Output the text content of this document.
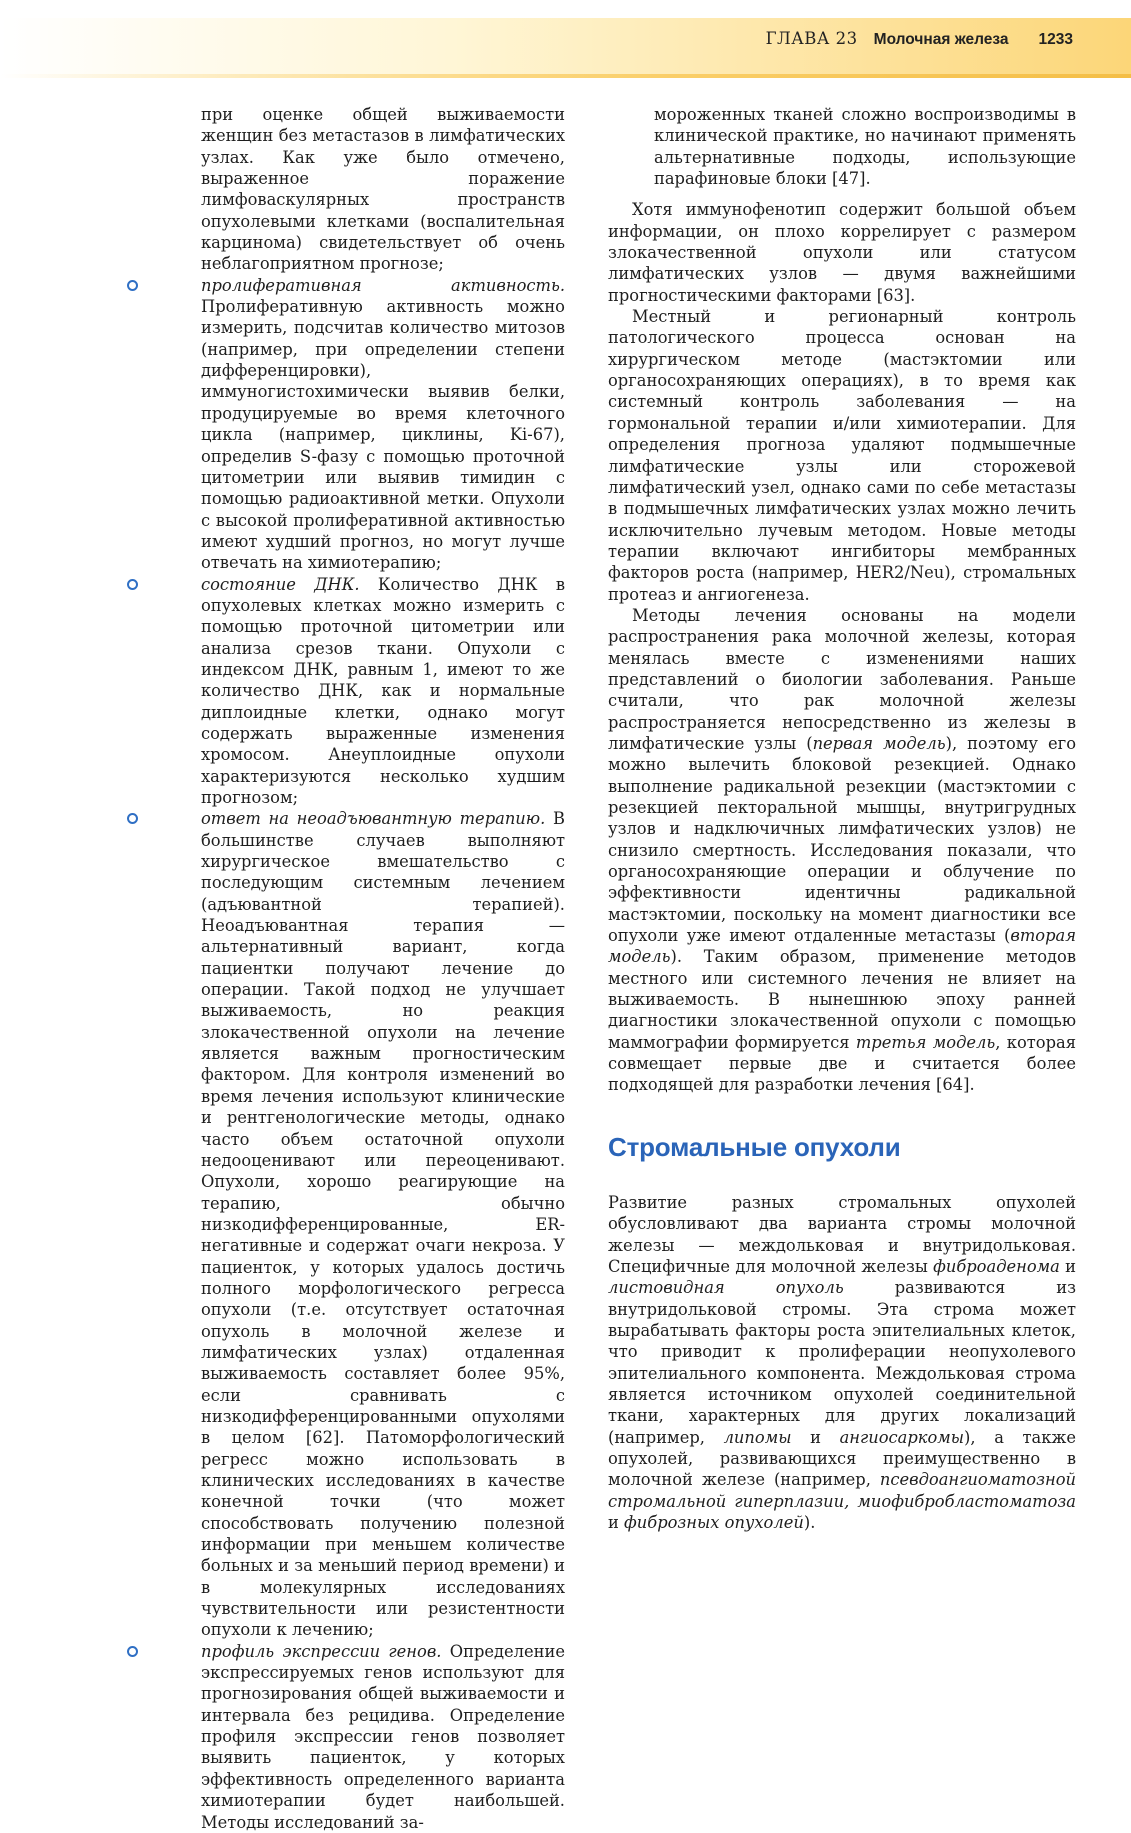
ГЛАВА 23 Молочная железа 1233

при оценке общей выживаемости женщин без метастазов в лимфатических узлах. Как уже было отмечено, выраженное поражение лимфоваскулярных пространств опухолевыми клетками (воспалительная карцинома) свидетельствует об очень неблагоприятном прогнозе;

пролиферативная активность. Пролиферативную активность можно измерить, подсчитав количество митозов (например, при определении степени дифференцировки), иммуногистохимически выявив белки, продуцируемые во время клеточного цикла (например, циклины, Ki-67), определив S-фазу с помощью проточной цитометрии или выявив тимидин с помощью радиоактивной метки. Опухоли с высокой пролиферативной активностью имеют худший прогноз, но могут лучше отвечать на химиотерапию;

состояние ДНК. Количество ДНК в опухолевых клетках можно измерить с помощью проточной цитометрии или анализа срезов ткани. Опухоли с индексом ДНК, равным 1, имеют то же количество ДНК, как и нормальные диплоидные клетки, однако могут содержать выраженные изменения хромосом. Анеуплоидные опухоли характеризуются несколько худшим прогнозом;

ответ на неоадъювантную терапию. В большинстве случаев выполняют хирургическое вмешательство с последующим системным лечением (адъювантной терапией). Неоадъювантная терапия — альтернативный вариант, когда пациентки получают лечение до операции. Такой подход не улучшает выживаемость, но реакция злокачественной опухоли на лечение является важным прогностическим фактором. Для контроля изменений во время лечения используют клинические и рентгенологические методы, однако часто объем остаточной опухоли недооценивают или переоценивают. Опухоли, хорошо реагирующие на терапию, обычно низкодифференцированные, ER-негативные и содержат очаги некроза. У пациенток, у которых удалось достичь полного морфологического регресса опухоли (т.е. отсутствует остаточная опухоль в молочной железе и лимфатических узлах) отдаленная выживаемость составляет более 95%, если сравнивать с низкодифференцированными опухолями в целом [62]. Патоморфологический регресс можно использовать в клинических исследованиях в качестве конечной точки (что может способствовать получению полезной информации при меньшем количестве больных и за меньший период времени) и в молекулярных исследованиях чувствительности или резистентности опухоли к лечению;

профиль экспрессии генов. Определение экспрессируемых генов используют для прогнозирования общей выживаемости и интервала без рецидива. Определение профиля экспрессии генов позволяет выявить пациенток, у которых эффективность определенного варианта химиотерапии будет наибольшей. Методы исследований за-

мороженных тканей сложно воспроизводимы в клинической практике, но начинают применять альтернативные подходы, использующие парафиновые блоки [47].

Хотя иммунофенотип содержит большой объем информации, он плохо коррелирует с размером злокачественной опухоли или статусом лимфатических узлов — двумя важнейшими прогностическими факторами [63].

Местный и регионарный контроль патологического процесса основан на хирургическом методе (мастэктомии или органосохраняющих операциях), в то время как системный контроль заболевания — на гормональной терапии и/или химиотерапии. Для определения прогноза удаляют подмышечные лимфатические узлы или сторожевой лимфатический узел, однако сами по себе метастазы в подмышечных лимфатических узлах можно лечить исключительно лучевым методом. Новые методы терапии включают ингибиторы мембранных факторов роста (например, HER2/Neu), стромальных протеаз и ангиогенеза.

Методы лечения основаны на модели распространения рака молочной железы, которая менялась вместе с изменениями наших представлений о биологии заболевания. Раньше считали, что рак молочной железы распространяется непосредственно из железы в лимфатические узлы (первая модель), поэтому его можно вылечить блоковой резекцией. Однако выполнение радикальной резекции (мастэктомии с резекцией пекторальной мышцы, внутригрудных узлов и надключичных лимфатических узлов) не снизило смертность. Исследования показали, что органосохраняющие операции и облучение по эффективности идентичны радикальной мастэктомии, поскольку на момент диагностики все опухоли уже имеют отдаленные метастазы (вторая модель). Таким образом, применение методов местного или системного лечения не влияет на выживаемость. В нынешнюю эпоху ранней диагностики злокачественной опухоли с помощью маммографии формируется третья модель, которая совмещает первые две и считается более подходящей для разработки лечения [64].

Стромальные опухоли

Развитие разных стромальных опухолей обусловливают два варианта стромы молочной железы — междольковая и внутридольковая. Специфичные для молочной железы фиброаденома и листовидная опухоль развиваются из внутридольковой стромы. Эта строма может вырабатывать факторы роста эпителиальных клеток, что приводит к пролиферации неопухолевого эпителиального компонента. Междольковая строма является источником опухолей соединительной ткани, характерных для других локализаций (например, липомы и ангиосаркомы), а также опухолей, развивающихся преимущественно в молочной железе (например, псевдоангиоматозной стромальной гиперплазии, миофибробластоматоза и фиброзных опухолей).
